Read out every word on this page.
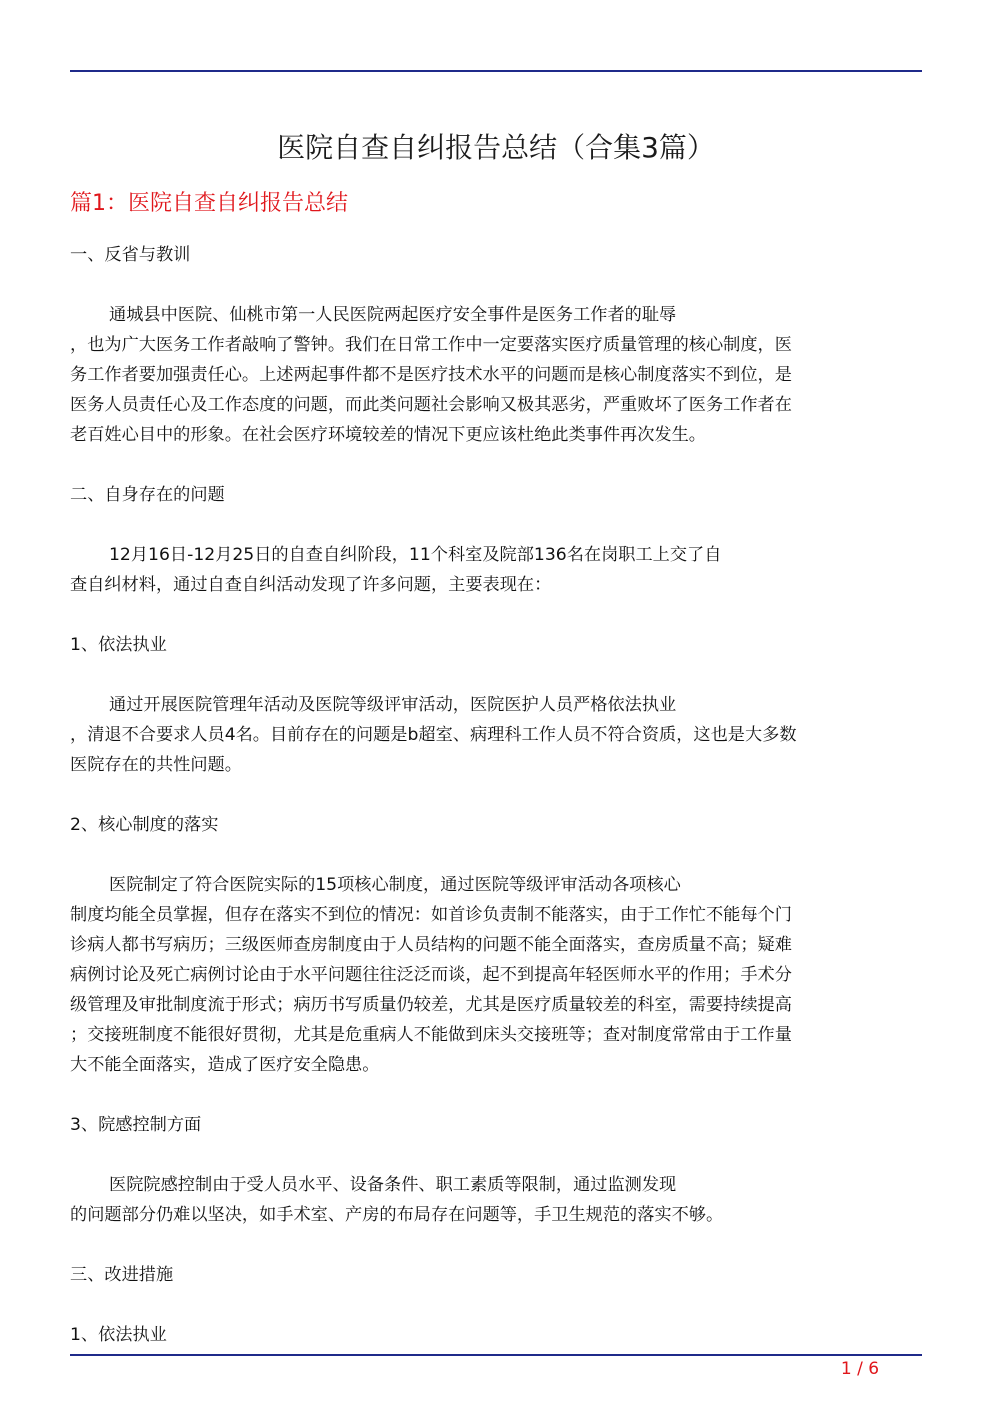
医院自查自纠报告总结（合集3篇）
篇1：医院自查自纠报告总结

一、反省与教训

通城县中医院、仙桃市第一人民医院两起医疗安全事件是医务工作者的耻辱
，也为广大医务工作者敲响了警钟。我们在日常工作中一定要落实医疗质量管理的核心制度，医
务工作者要加强责任心。上述两起事件都不是医疗技术水平的问题而是核心制度落实不到位，是
医务人员责任心及工作态度的问题，而此类问题社会影响又极其恶劣，严重败坏了医务工作者在
老百姓心目中的形象。在社会医疗环境较差的情况下更应该杜绝此类事件再次发生。

二、自身存在的问题

12月16日-12月25日的自查自纠阶段，11个科室及院部136名在岗职工上交了自
查自纠材料，通过自查自纠活动发现了许多问题，主要表现在：

1、依法执业

通过开展医院管理年活动及医院等级评审活动，医院医护人员严格依法执业
，清退不合要求人员4名。目前存在的问题是b超室、病理科工作人员不符合资质，这也是大多数
医院存在的共性问题。

2、核心制度的落实

医院制定了符合医院实际的15项核心制度，通过医院等级评审活动各项核心
制度均能全员掌握，但存在落实不到位的情况：如首诊负责制不能落实，由于工作忙不能每个门
诊病人都书写病历；三级医师查房制度由于人员结构的问题不能全面落实，查房质量不高；疑难
病例讨论及死亡病例讨论由于水平问题往往泛泛而谈，起不到提高年轻医师水平的作用；手术分
级管理及审批制度流于形式；病历书写质量仍较差，尤其是医疗质量较差的科室，需要持续提高
；交接班制度不能很好贯彻，尤其是危重病人不能做到床头交接班等；查对制度常常由于工作量
大不能全面落实，造成了医疗安全隐患。

3、院感控制方面

医院院感控制由于受人员水平、设备条件、职工素质等限制，通过监测发现
的问题部分仍难以坚决，如手术室、产房的布局存在问题等，手卫生规范的落实不够。

三、改进措施

1、依法执业

1 / 6
